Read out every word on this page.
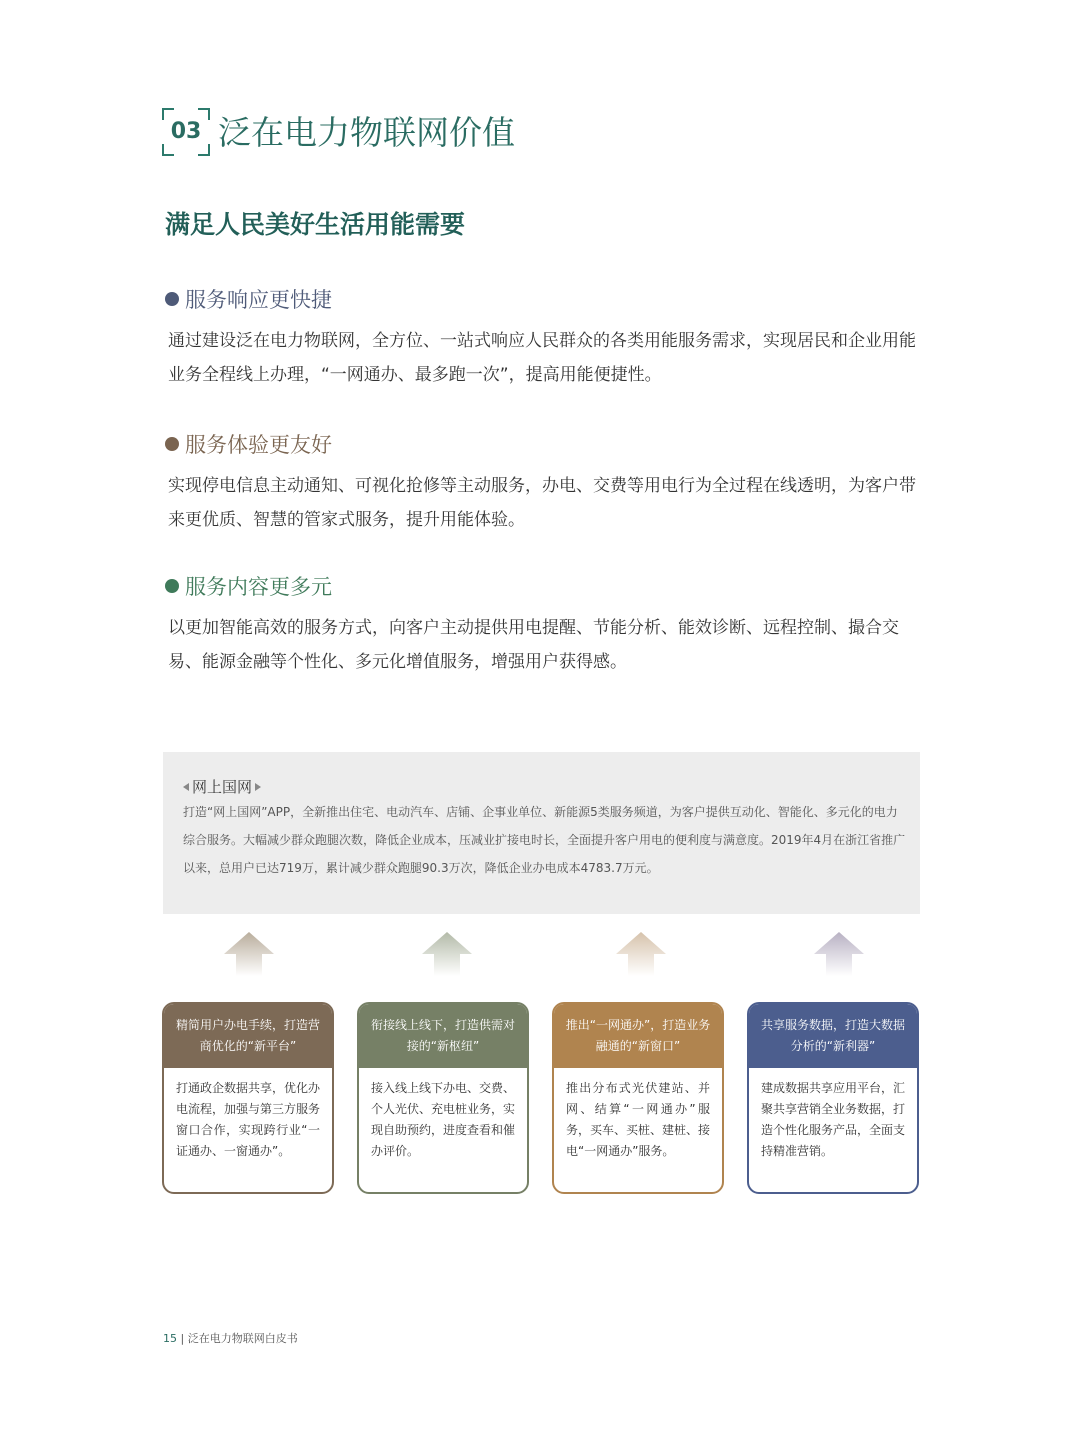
03 泛在电力物联网价值
满足人民美好生活用能需要
服务响应更快捷
通过建设泛在电力物联网，全方位、一站式响应人民群众的各类用能服务需求，实现居民和企业用能业务全程线上办理，“一网通办、最多跑一次”，提高用能便捷性。
服务体验更友好
实现停电信息主动通知、可视化抢修等主动服务，办电、交费等用电行为全过程在线透明，为客户带来更优质、智慧的管家式服务，提升用能体验。
服务内容更多元
以更加智能高效的服务方式，向客户主动提供用电提醒、节能分析、能效诊断、远程控制、撮合交易、能源金融等个性化、多元化增值服务，增强用户获得感。
网上国网
打造“网上国网”APP，全新推出住宅、电动汽车、店铺、企事业单位、新能源5类服务频道，为客户提供互动化、智能化、多元化的电力综合服务。大幅减少群众跑腿次数，降低企业成本，压减业扩接电时长，全面提升客户用电的便利度与满意度。2019年4月在浙江省推广以来，总用户已达719万，累计减少群众跑腿90.3万次，降低企业办电成本4783.7万元。
精简用户办电手续，打造营商优化的“新平台”
打通政企数据共享，优化办电流程，加强与第三方服务窗口合作，实现跨行业“一证通办、一窗通办”。
衔接线上线下，打造供需对接的“新枢纽”
接入线上线下办电、交费、个人光伏、充电桩业务，实现自助预约，进度查看和催办评价。
推出“一网通办”，打造业务融通的“新窗口”
推出分布式光伏建站、并网、结算“一网通办”服务，买车、买桩、建桩、接电“一网通办”服务。
共享服务数据，打造大数据分析的“新利器”
建成数据共享应用平台，汇聚共享营销全业务数据，打造个性化服务产品，全面支持精准营销。
15 | 泛在电力物联网白皮书
